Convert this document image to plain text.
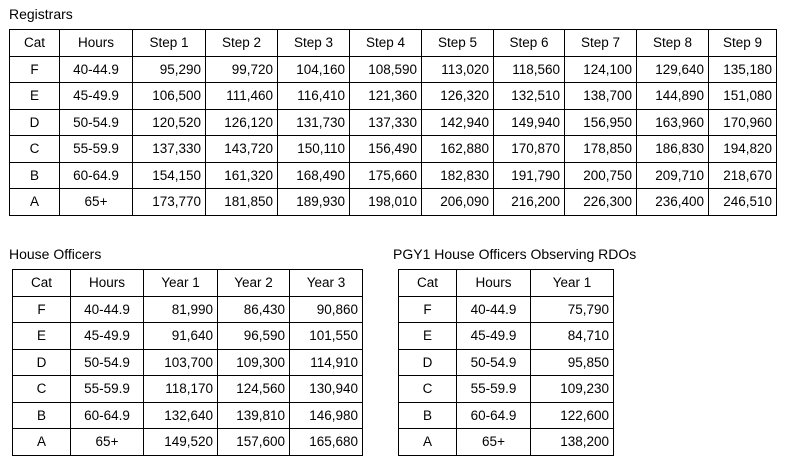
Registrars
Cat	Hours	Step 1	Step 2	Step 3	Step 4	Step 5	Step 6	Step 7	Step 8	Step 9
F	40-44.9	95,290	99,720	104,160	108,590	113,020	118,560	124,100	129,640	135,180
E	45-49.9	106,500	111,460	116,410	121,360	126,320	132,510	138,700	144,890	151,080
D	50-54.9	120,520	126,120	131,730	137,330	142,940	149,940	156,950	163,960	170,960
C	55-59.9	137,330	143,720	150,110	156,490	162,880	170,870	178,850	186,830	194,820
B	60-64.9	154,150	161,320	168,490	175,660	182,830	191,790	200,750	209,710	218,670
A	65+	173,770	181,850	189,930	198,010	206,090	216,200	226,300	236,400	246,510
House Officers
Cat	Hours	Year 1	Year 2	Year 3
F	40-44.9	81,990	86,430	90,860
E	45-49.9	91,640	96,590	101,550
D	50-54.9	103,700	109,300	114,910
C	55-59.9	118,170	124,560	130,940
B	60-64.9	132,640	139,810	146,980
A	65+	149,520	157,600	165,680
PGY1 House Officers Observing RDOs
Cat	Hours	Year 1
F	40-44.9	75,790
E	45-49.9	84,710
D	50-54.9	95,850
C	55-59.9	109,230
B	60-64.9	122,600
A	65+	138,200
